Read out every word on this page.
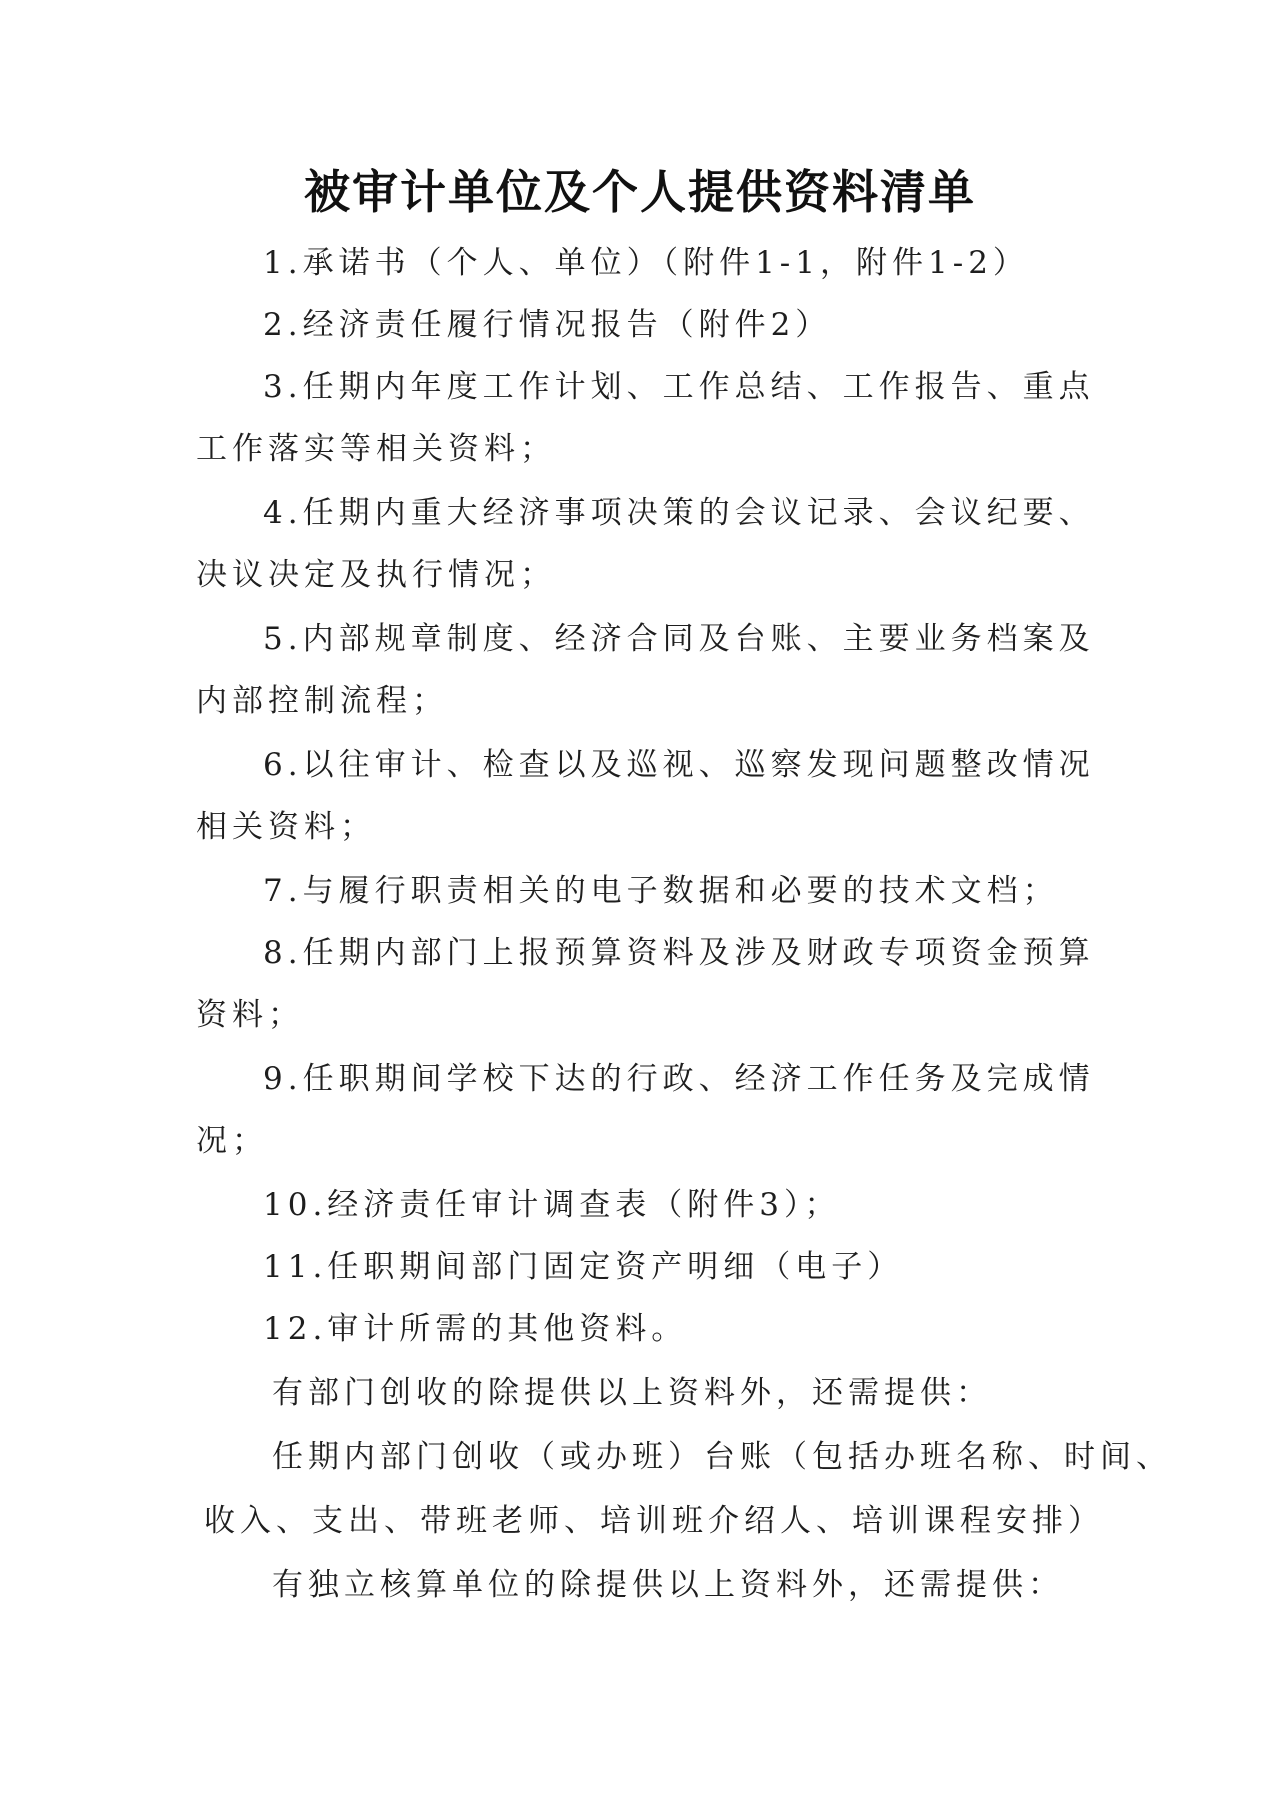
被审计单位及个人提供资料清单
1.承诺书（个人、单位）（附件1-1，附件1-2）
2.经济责任履行情况报告（附件2）
3.任期内年度工作计划、工作总结、工作报告、重点
工作落实等相关资料；
4.任期内重大经济事项决策的会议记录、会议纪要、
决议决定及执行情况；
5.内部规章制度、经济合同及台账、主要业务档案及
内部控制流程；
6.以往审计、检查以及巡视、巡察发现问题整改情况
相关资料；
7.与履行职责相关的电子数据和必要的技术文档；
8.任期内部门上报预算资料及涉及财政专项资金预算
资料；
9.任职期间学校下达的行政、经济工作任务及完成情
况；
10.经济责任审计调查表（附件3）；
11.任职期间部门固定资产明细（电子）
12.审计所需的其他资料。
有部门创收的除提供以上资料外，还需提供：
任期内部门创收（或办班）台账（包括办班名称、时间、
收入、支出、带班老师、培训班介绍人、培训课程安排）
有独立核算单位的除提供以上资料外，还需提供：
